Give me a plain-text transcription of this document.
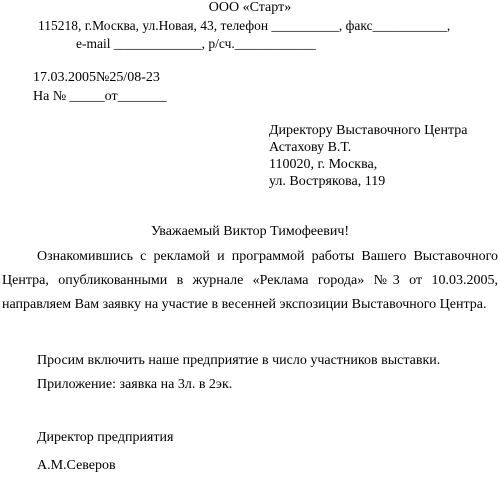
ООО «Старт»
115218, г.Москва, ул.Новая, 43, телефон __________, факс___________,
e-mail _____________, р/сч.____________
17.03.2005№25/08-23
На № _____от_______
Директору Выставочного Центра
Астахову В.Т.
110020, г. Москва,
ул. Вострякова, 119
Уважаемый Виктор Тимофеевич!
Ознакомившись с рекламой и программой работы Вашего Выставочного Центра, опубликованными в журнале «Реклама города» №3 от 10.03.2005, направляем Вам заявку на участие в весенней экспозиции Выставочного Центра.
Просим включить наше предприятие в число участников выставки.
Приложение: заявка на 3л. в 2эк.
Директор предприятия
А.М.Северов
